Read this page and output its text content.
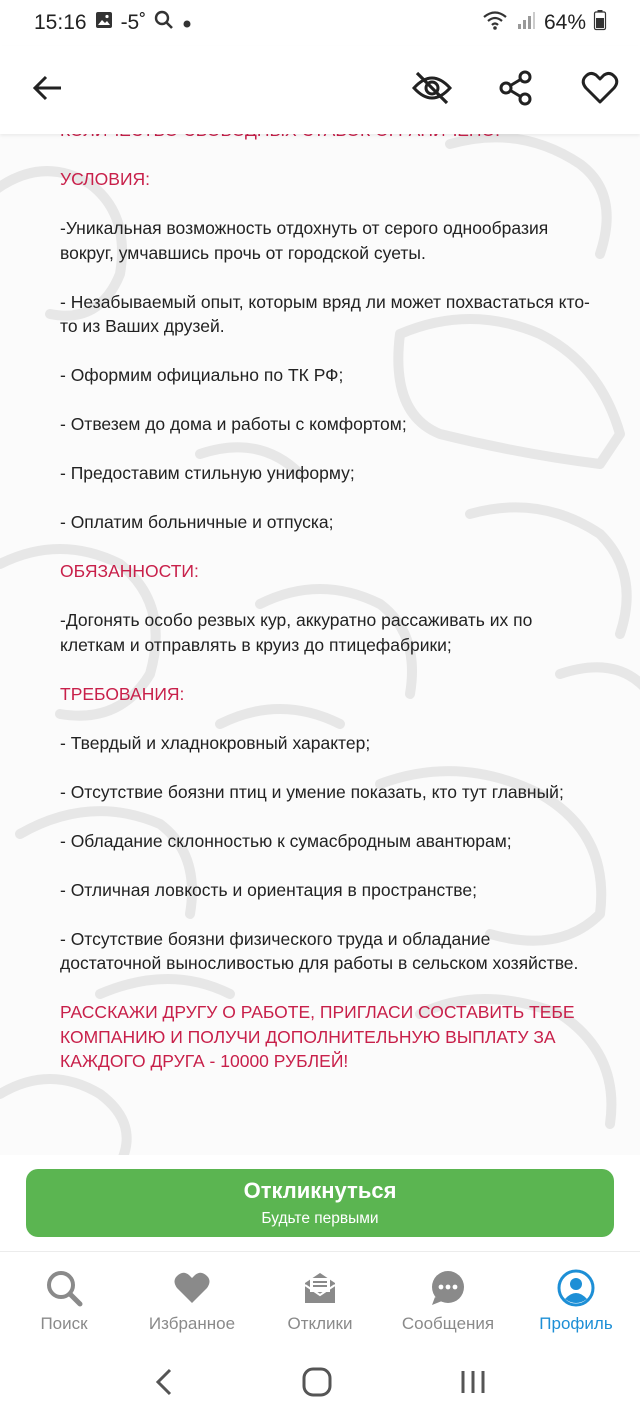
15:16 -5˚	64%

УСЛОВИЯ:

-Уникальная возможность отдохнуть от серого однообразия вокруг, умчавшись прочь от городской суеты.

- Незабываемый опыт, которым вряд ли может похвастаться кто-то из Ваших друзей.

- Оформим официально по ТК РФ;

- Отвезем до дома и работы с комфортом;

- Предоставим стильную униформу;

- Оплатим больничные и отпуска;

ОБЯЗАННОСТИ:

-Догонять особо резвых кур, аккуратно рассаживать их по клеткам и отправлять в круиз до птицефабрики;

ТРЕБОВАНИЯ:

- Твердый и хладнокровный характер;

- Отсутствие боязни птиц и умение показать, кто тут главный;

- Обладание склонностью к сумасбродным авантюрам;

- Отличная ловкость и ориентация в пространстве;

- Отсутствие боязни физического труда и обладание достаточной выносливостью для работы в сельском хозяйстве.

РАССКАЖИ ДРУГУ О РАБОТЕ, ПРИГЛАСИ СОСТАВИТЬ ТЕБЕ КОМПАНИЮ И ПОЛУЧИ ДОПОЛНИТЕЛЬНУЮ ВЫПЛАТУ ЗА КАЖДОГО ДРУГА - 10000 РУБЛЕЙ!

Откликнуться
Будьте первыми
Поиск	Избранное	Отклики	Сообщения	Профиль
